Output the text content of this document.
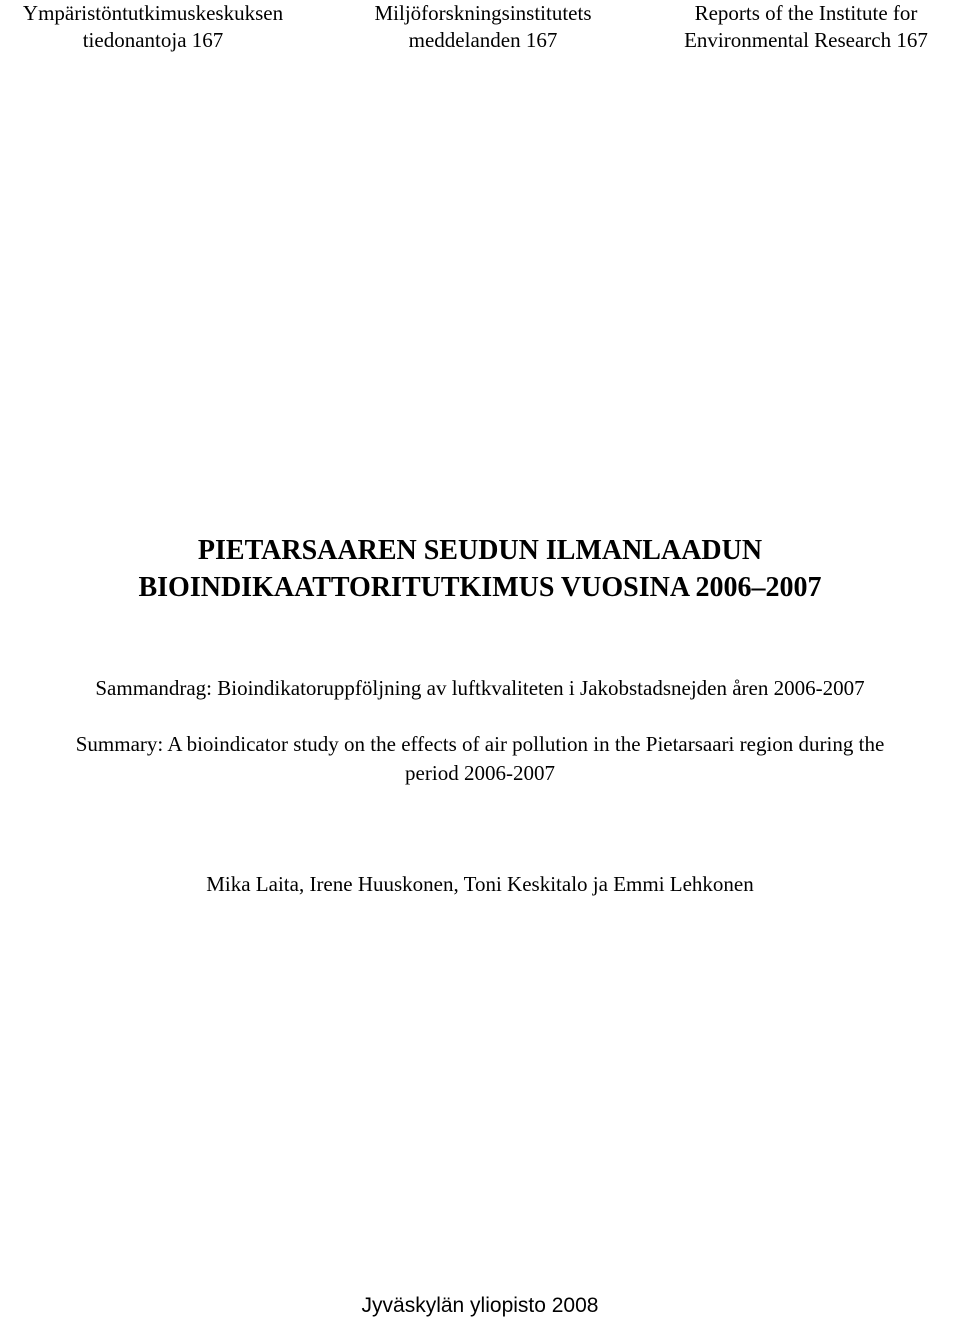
Ympäristöntutkimuskeskuksen
tiedonantoja 167
Miljöforskningsinstitutets
meddelanden 167
Reports of the Institute for
Environmental Research 167
PIETARSAAREN SEUDUN ILMANLAADUN
BIOINDIKAATTORITUTKIMUS VUOSINA 2006–2007
Sammandrag: Bioindikatoruppföljning av luftkvaliteten i Jakobstadsnejden åren 2006-2007
Summary: A bioindicator study on the effects of air pollution in the Pietarsaari region during the
period 2006-2007
Mika Laita, Irene Huuskonen, Toni Keskitalo ja Emmi Lehkonen
Jyväskylän yliopisto 2008
